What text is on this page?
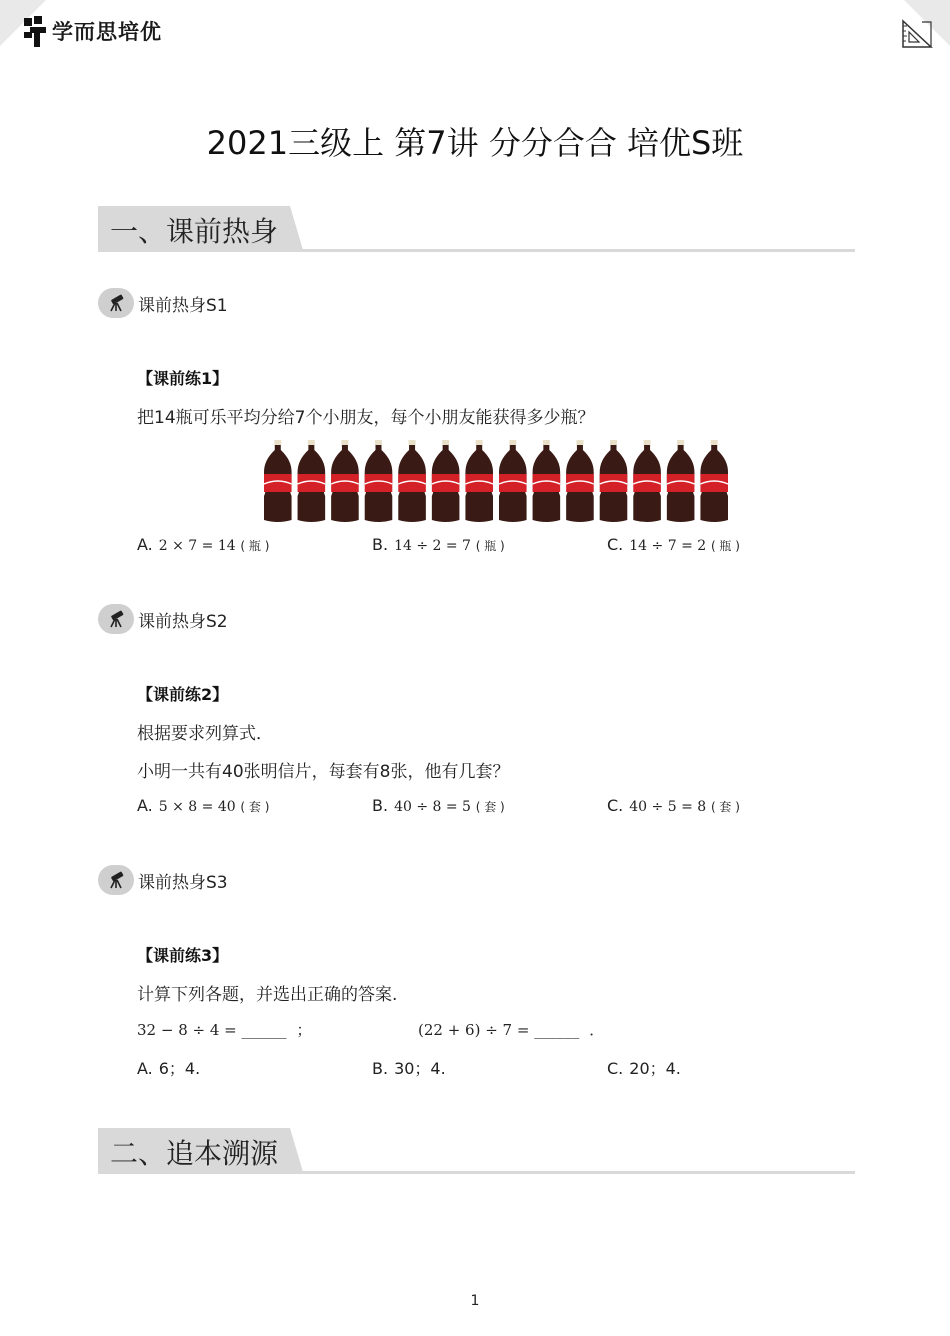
学而思培优
2021三级上 第7讲 分分合合 培优S班
一、课前热身
课前热身S1
【课前练1】
把14瓶可乐平均分给7个小朋友，每个小朋友能获得多少瓶？
A. 2 × 7 = 14 ( 瓶 )	B. 14 ÷ 2 = 7 ( 瓶 )	C. 14 ÷ 7 = 2 ( 瓶 )
课前热身S2
【课前练2】
根据要求列算式．
小明一共有40张明信片，每套有8张，他有几套？
A. 5 × 8 = 40 ( 套 )	B. 40 ÷ 8 = 5 ( 套 )	C. 40 ÷ 5 = 8 ( 套 )
课前热身S3
【课前练3】
计算下列各题，并选出正确的答案.
32 − 8 ÷ 4 = ______ ；	(22 + 6) ÷ 7 = ______ ．
A. 6；4.	B. 30；4.	C. 20；4.
二、追本溯源
1
